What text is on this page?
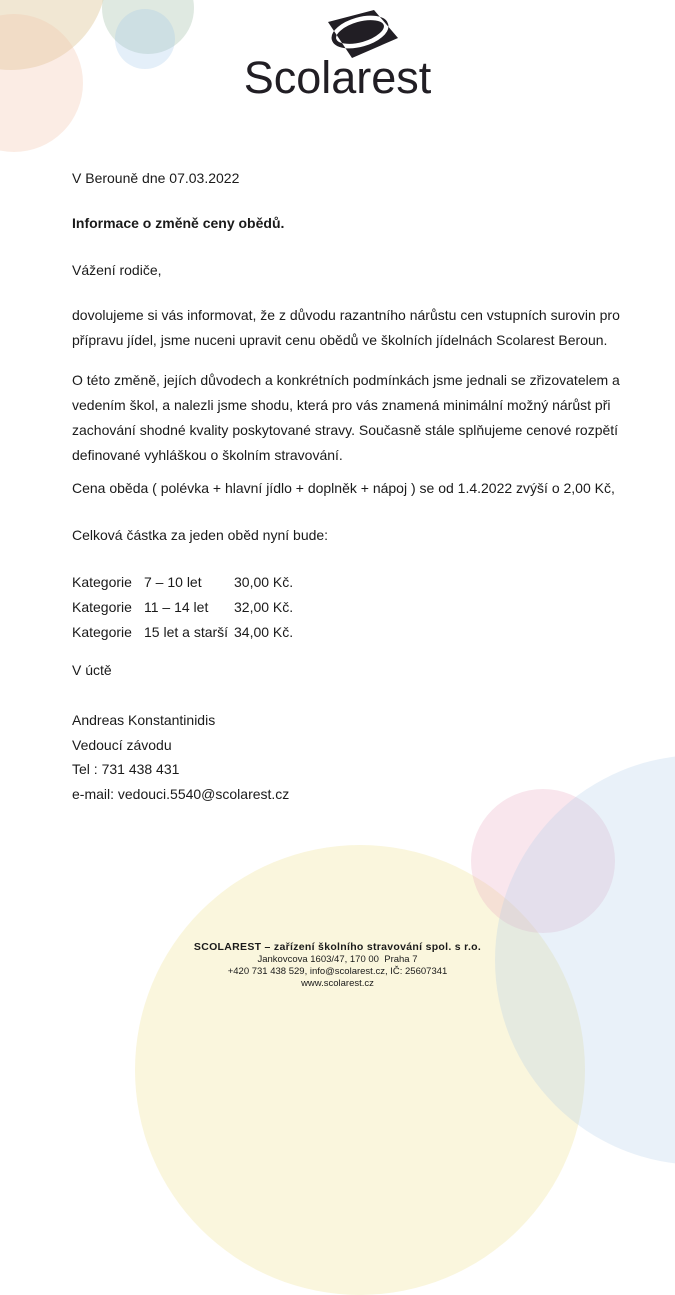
Scolarest

V Berouně dne 07.03.2022

Informace o změně ceny obědů.

Vážení rodiče,

dovolujeme si vás informovat, že z důvodu razantního nárůstu cen vstupních surovin pro přípravu jídel, jsme nuceni upravit cenu obědů ve školních jídelnách Scolarest Beroun.

O této změně, jejích důvodech a konkrétních podmínkách jsme jednali se zřizovatelem a vedením škol, a nalezli jsme shodu, která pro vás znamená minimální možný nárůst při zachování shodné kvality poskytované stravy. Současně stále splňujeme cenové rozpětí definované vyhláškou o školním stravování.

Cena oběda ( polévka + hlavní jídlo + doplněk + nápoj ) se od 1.4.2022 zvýší o 2,00 Kč,

Celková částka za jeden oběd nyní bude:

Kategorie 7 – 10 let	30,00 Kč.
Kategorie 11 – 14 let	32,00 Kč.
Kategorie 15 let a starší 34,00 Kč.

V úctě

Andreas Konstantinidis

Vedoucí závodu

Tel : 731 438 431

e-mail: vedouci.5540@scolarest.cz

SCOLAREST – zařízení školního stravování spol. s r.o.

Jankovcova 1603/47, 170 00  Praha 7

+420 731 438 529, info@scolarest.cz, IČ: 25607341

www.scolarest.cz
